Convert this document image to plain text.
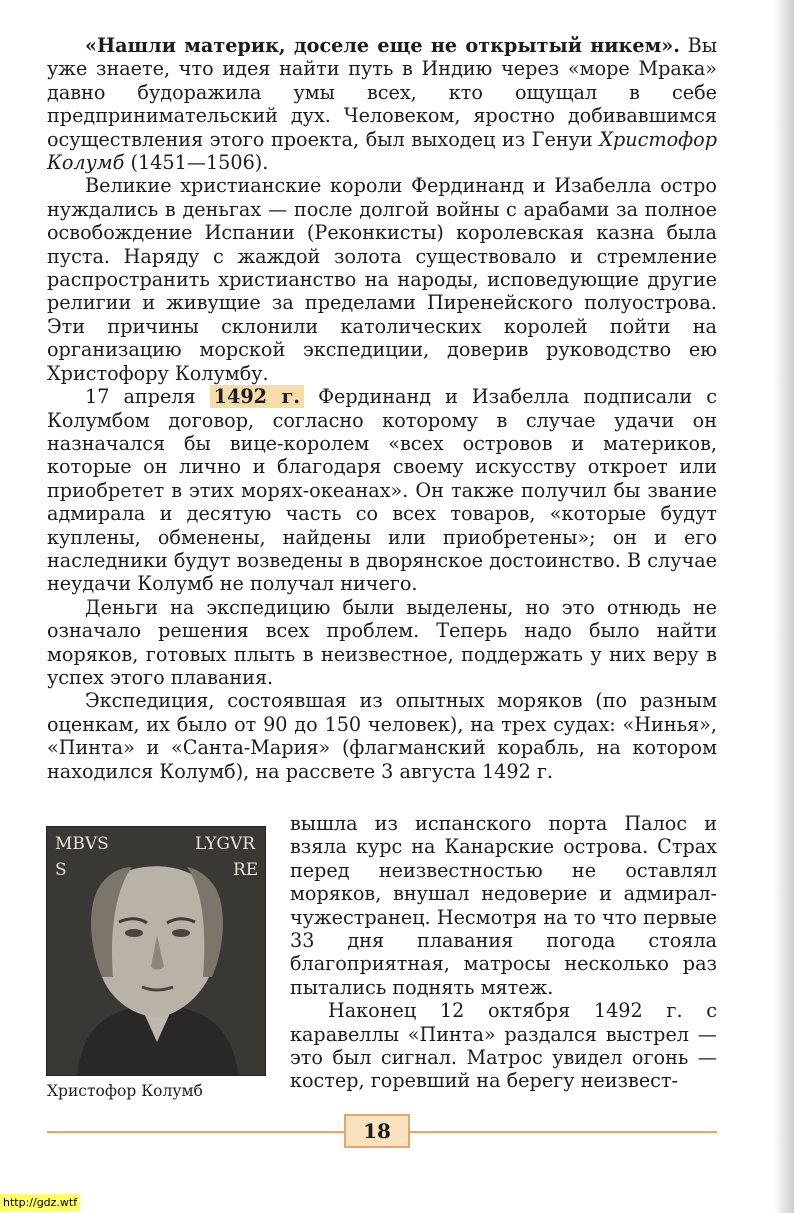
«Нашли материк, доселе еще не открытый никем». Вы уже знаете, что идея найти путь в Индию через «море Мрака» давно будоражила умы всех, кто ощущал в себе предпринимательский дух. Человеком, яростно добивавшимся осуществления этого проекта, был выходец из Генуи Христофор Колумб (1451—1506).

Великие христианские короли Фердинанд и Изабелла остро нуждались в деньгах — после долгой войны с арабами за полное освобождение Испании (Реконкисты) королевская казна была пуста. Наряду с жаждой золота существовало и стремление распространить христианство на народы, исповедующие другие религии и живущие за пределами Пиренейского полуострова. Эти причины склонили католических королей пойти на организацию морской экспедиции, доверив руководство ею Христофору Колумбу.

17 апреля 1492 г. Фердинанд и Изабелла подписали с Колумбом договор, согласно которому в случае удачи он назначался бы вице-королем «всех островов и материков, которые он лично и благодаря своему искусству откроет или приобретет в этих морях-океанах». Он также получил бы звание адмирала и десятую часть со всех товаров, «которые будут куплены, обменены, найдены или приобретены»; он и его наследники будут возведены в дворянское достоинство. В случае неудачи Колумб не получал ничего.

Деньги на экспедицию были выделены, но это отнюдь не означало решения всех проблем. Теперь надо было найти моряков, готовых плыть в неизвестное, поддержать у них веру в успех этого плавания.

Экспедиция, состоявшая из опытных моряков (по разным оценкам, их было от 90 до 150 человек), на трех судах: «Нинья», «Пинта» и «Санта-Мария» (флагманский корабль, на котором находился Колумб), на рассвете 3 августа 1492 г.

вышла из испанского порта Палос и взяла курс на Канарские острова. Страх перед неизвестностью не оставлял моряков, внушал недоверие и адмирал-чужестранец. Несмотря на то что первые 33 дня плавания погода стояла благоприятная, матросы несколько раз пытались поднять мятеж.

Наконец 12 октября 1492 г. с каравеллы «Пинта» раздался выстрел — это был сигнал. Матрос увидел огонь — костер, горевший на берегу неизвест-

MBVS	LYGVR
S	RE
Христофор Колумб
18
http://gdz.wtf
